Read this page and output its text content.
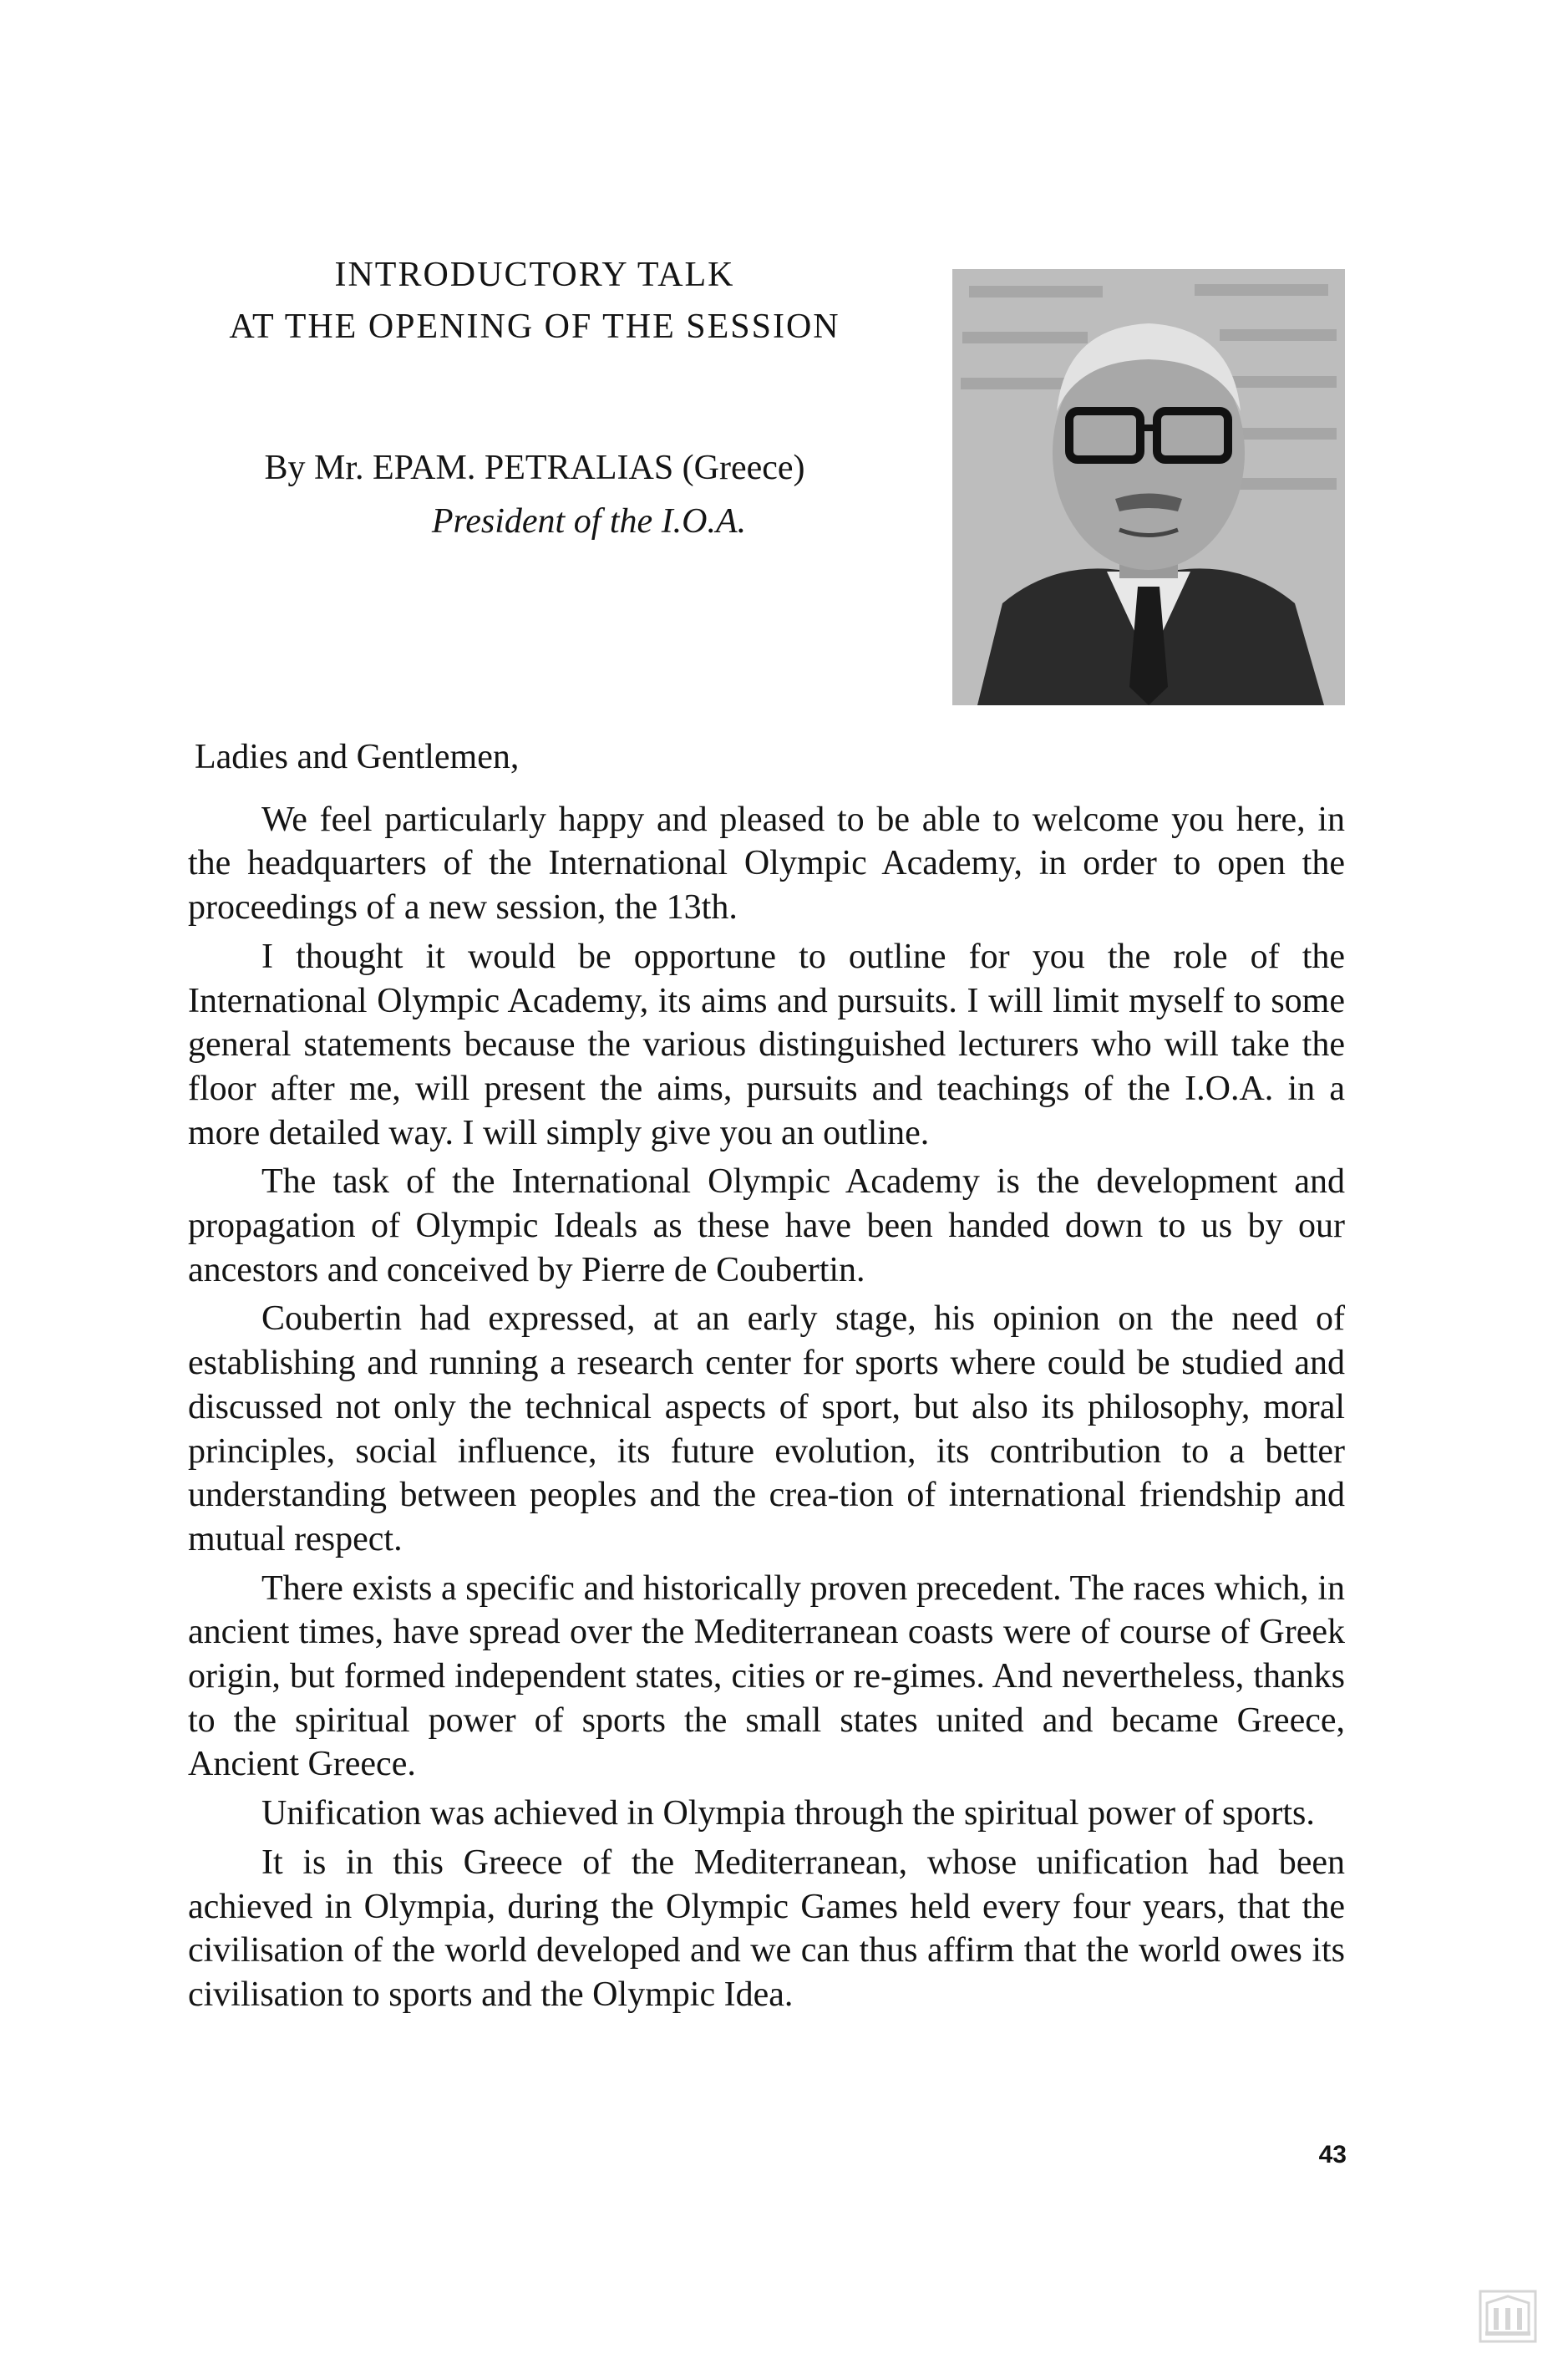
INTRODUCTORY TALK
AT THE OPENING OF THE SESSION
By Mr. EPAM. PETRALIAS (Greece)
President of the I.O.A.

Ladies and Gentlemen,

We feel particularly happy and pleased to be able to welcome you here, in the headquarters of the International Olympic Academy, in order to open the proceedings of a new session, the 13th.

I thought it would be opportune to outline for you the role of the International Olympic Academy, its aims and pursuits. I will limit myself to some general statements because the various distinguished lecturers who will take the floor after me, will present the aims, pursuits and teachings of the I.O.A. in a more detailed way. I will simply give you an outline.

The task of the International Olympic Academy is the development and propagation of Olympic Ideals as these have been handed down to us by our ancestors and conceived by Pierre de Coubertin.

Coubertin had expressed, at an early stage, his opinion on the need of establishing and running a research center for sports where could be studied and discussed not only the technical aspects of sport, but also its philosophy, moral principles, social influence, its future evolution, its contribution to a better understanding between peoples and the crea-tion of international friendship and mutual respect.

There exists a specific and historically proven precedent. The races which, in ancient times, have spread over the Mediterranean coasts were of course of Greek origin, but formed independent states, cities or re-gimes. And nevertheless, thanks to the spiritual power of sports the small states united and became Greece, Ancient Greece.

Unification was achieved in Olympia through the spiritual power of sports.

It is in this Greece of the Mediterranean, whose unification had been achieved in Olympia, during the Olympic Games held every four years, that the civilisation of the world developed and we can thus affirm that the world owes its civilisation to sports and the Olympic Idea.

43
